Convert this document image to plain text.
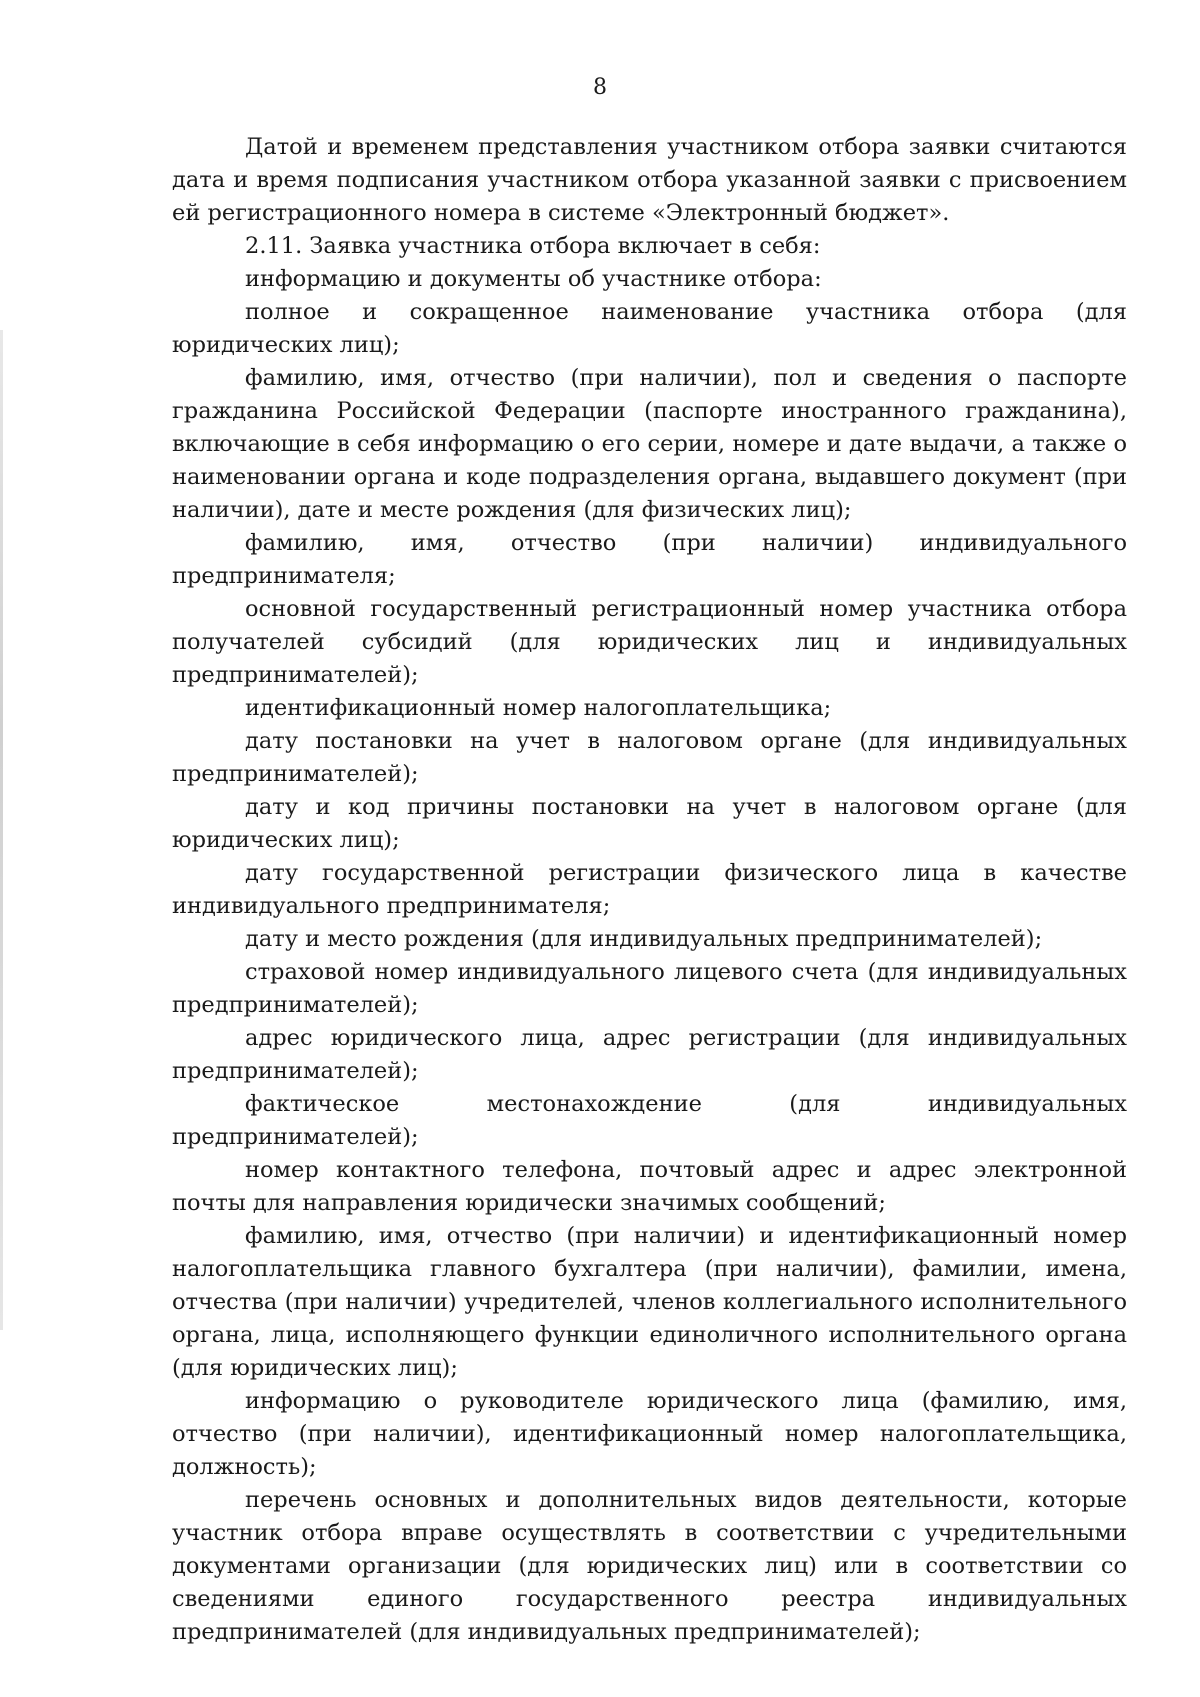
8

Датой и временем представления участником отбора заявки считаются дата и время подписания участником отбора указанной заявки с присвоением ей регистрационного номера в системе «Электронный бюджет».

2.11. Заявка участника отбора включает в себя:

информацию и документы об участнике отбора:

полное и сокращенное наименование участника отбора (для юридических лиц);

фамилию, имя, отчество (при наличии), пол и сведения о паспорте гражданина Российской Федерации (паспорте иностранного гражданина), включающие в себя информацию о его серии, номере и дате выдачи, а также о наименовании органа и коде подразделения органа, выдавшего документ (при наличии), дате и месте рождения (для физических лиц);

фамилию, имя, отчество (при наличии) индивидуального предпринимателя;

основной государственный регистрационный номер участника отбора получателей субсидий (для юридических лиц и индивидуальных предпринимателей);

идентификационный номер налогоплательщика;

дату постановки на учет в налоговом органе (для индивидуальных предпринимателей);

дату и код причины постановки на учет в налоговом органе (для юридических лиц);

дату государственной регистрации физического лица в качестве индивидуального предпринимателя;

дату и место рождения (для индивидуальных предпринимателей);

страховой номер индивидуального лицевого счета (для индивидуальных предпринимателей);

адрес юридического лица, адрес регистрации (для индивидуальных предпринимателей);

фактическое местонахождение (для индивидуальных предпринимателей);

номер контактного телефона, почтовый адрес и адрес электронной почты для направления юридически значимых сообщений;

фамилию, имя, отчество (при наличии) и идентификационный номер налогоплательщика главного бухгалтера (при наличии), фамилии, имена, отчества (при наличии) учредителей, членов коллегиального исполнительного органа, лица, исполняющего функции единоличного исполнительного органа (для юридических лиц);

информацию о руководителе юридического лица (фамилию, имя, отчество (при наличии), идентификационный номер налогоплательщика, должность);

перечень основных и дополнительных видов деятельности, которые участник отбора вправе осуществлять в соответствии с учредительными документами организации (для юридических лиц) или в соответствии со сведениями единого государственного реестра индивидуальных предпринимателей (для индивидуальных предпринимателей);
